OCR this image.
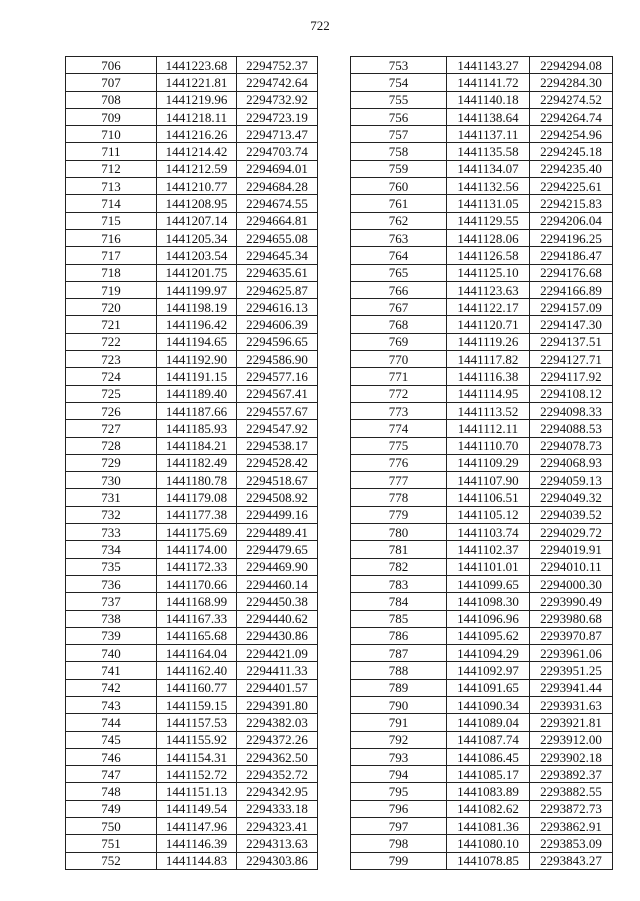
722
706	1441223.68	2294752.37
707	1441221.81	2294742.64
708	1441219.96	2294732.92
709	1441218.11	2294723.19
710	1441216.26	2294713.47
711	1441214.42	2294703.74
712	1441212.59	2294694.01
713	1441210.77	2294684.28
714	1441208.95	2294674.55
715	1441207.14	2294664.81
716	1441205.34	2294655.08
717	1441203.54	2294645.34
718	1441201.75	2294635.61
719	1441199.97	2294625.87
720	1441198.19	2294616.13
721	1441196.42	2294606.39
722	1441194.65	2294596.65
723	1441192.90	2294586.90
724	1441191.15	2294577.16
725	1441189.40	2294567.41
726	1441187.66	2294557.67
727	1441185.93	2294547.92
728	1441184.21	2294538.17
729	1441182.49	2294528.42
730	1441180.78	2294518.67
731	1441179.08	2294508.92
732	1441177.38	2294499.16
733	1441175.69	2294489.41
734	1441174.00	2294479.65
735	1441172.33	2294469.90
736	1441170.66	2294460.14
737	1441168.99	2294450.38
738	1441167.33	2294440.62
739	1441165.68	2294430.86
740	1441164.04	2294421.09
741	1441162.40	2294411.33
742	1441160.77	2294401.57
743	1441159.15	2294391.80
744	1441157.53	2294382.03
745	1441155.92	2294372.26
746	1441154.31	2294362.50
747	1441152.72	2294352.72
748	1441151.13	2294342.95
749	1441149.54	2294333.18
750	1441147.96	2294323.41
751	1441146.39	2294313.63
752	1441144.83	2294303.86
753	1441143.27	2294294.08
754	1441141.72	2294284.30
755	1441140.18	2294274.52
756	1441138.64	2294264.74
757	1441137.11	2294254.96
758	1441135.58	2294245.18
759	1441134.07	2294235.40
760	1441132.56	2294225.61
761	1441131.05	2294215.83
762	1441129.55	2294206.04
763	1441128.06	2294196.25
764	1441126.58	2294186.47
765	1441125.10	2294176.68
766	1441123.63	2294166.89
767	1441122.17	2294157.09
768	1441120.71	2294147.30
769	1441119.26	2294137.51
770	1441117.82	2294127.71
771	1441116.38	2294117.92
772	1441114.95	2294108.12
773	1441113.52	2294098.33
774	1441112.11	2294088.53
775	1441110.70	2294078.73
776	1441109.29	2294068.93
777	1441107.90	2294059.13
778	1441106.51	2294049.32
779	1441105.12	2294039.52
780	1441103.74	2294029.72
781	1441102.37	2294019.91
782	1441101.01	2294010.11
783	1441099.65	2294000.30
784	1441098.30	2293990.49
785	1441096.96	2293980.68
786	1441095.62	2293970.87
787	1441094.29	2293961.06
788	1441092.97	2293951.25
789	1441091.65	2293941.44
790	1441090.34	2293931.63
791	1441089.04	2293921.81
792	1441087.74	2293912.00
793	1441086.45	2293902.18
794	1441085.17	2293892.37
795	1441083.89	2293882.55
796	1441082.62	2293872.73
797	1441081.36	2293862.91
798	1441080.10	2293853.09
799	1441078.85	2293843.27
